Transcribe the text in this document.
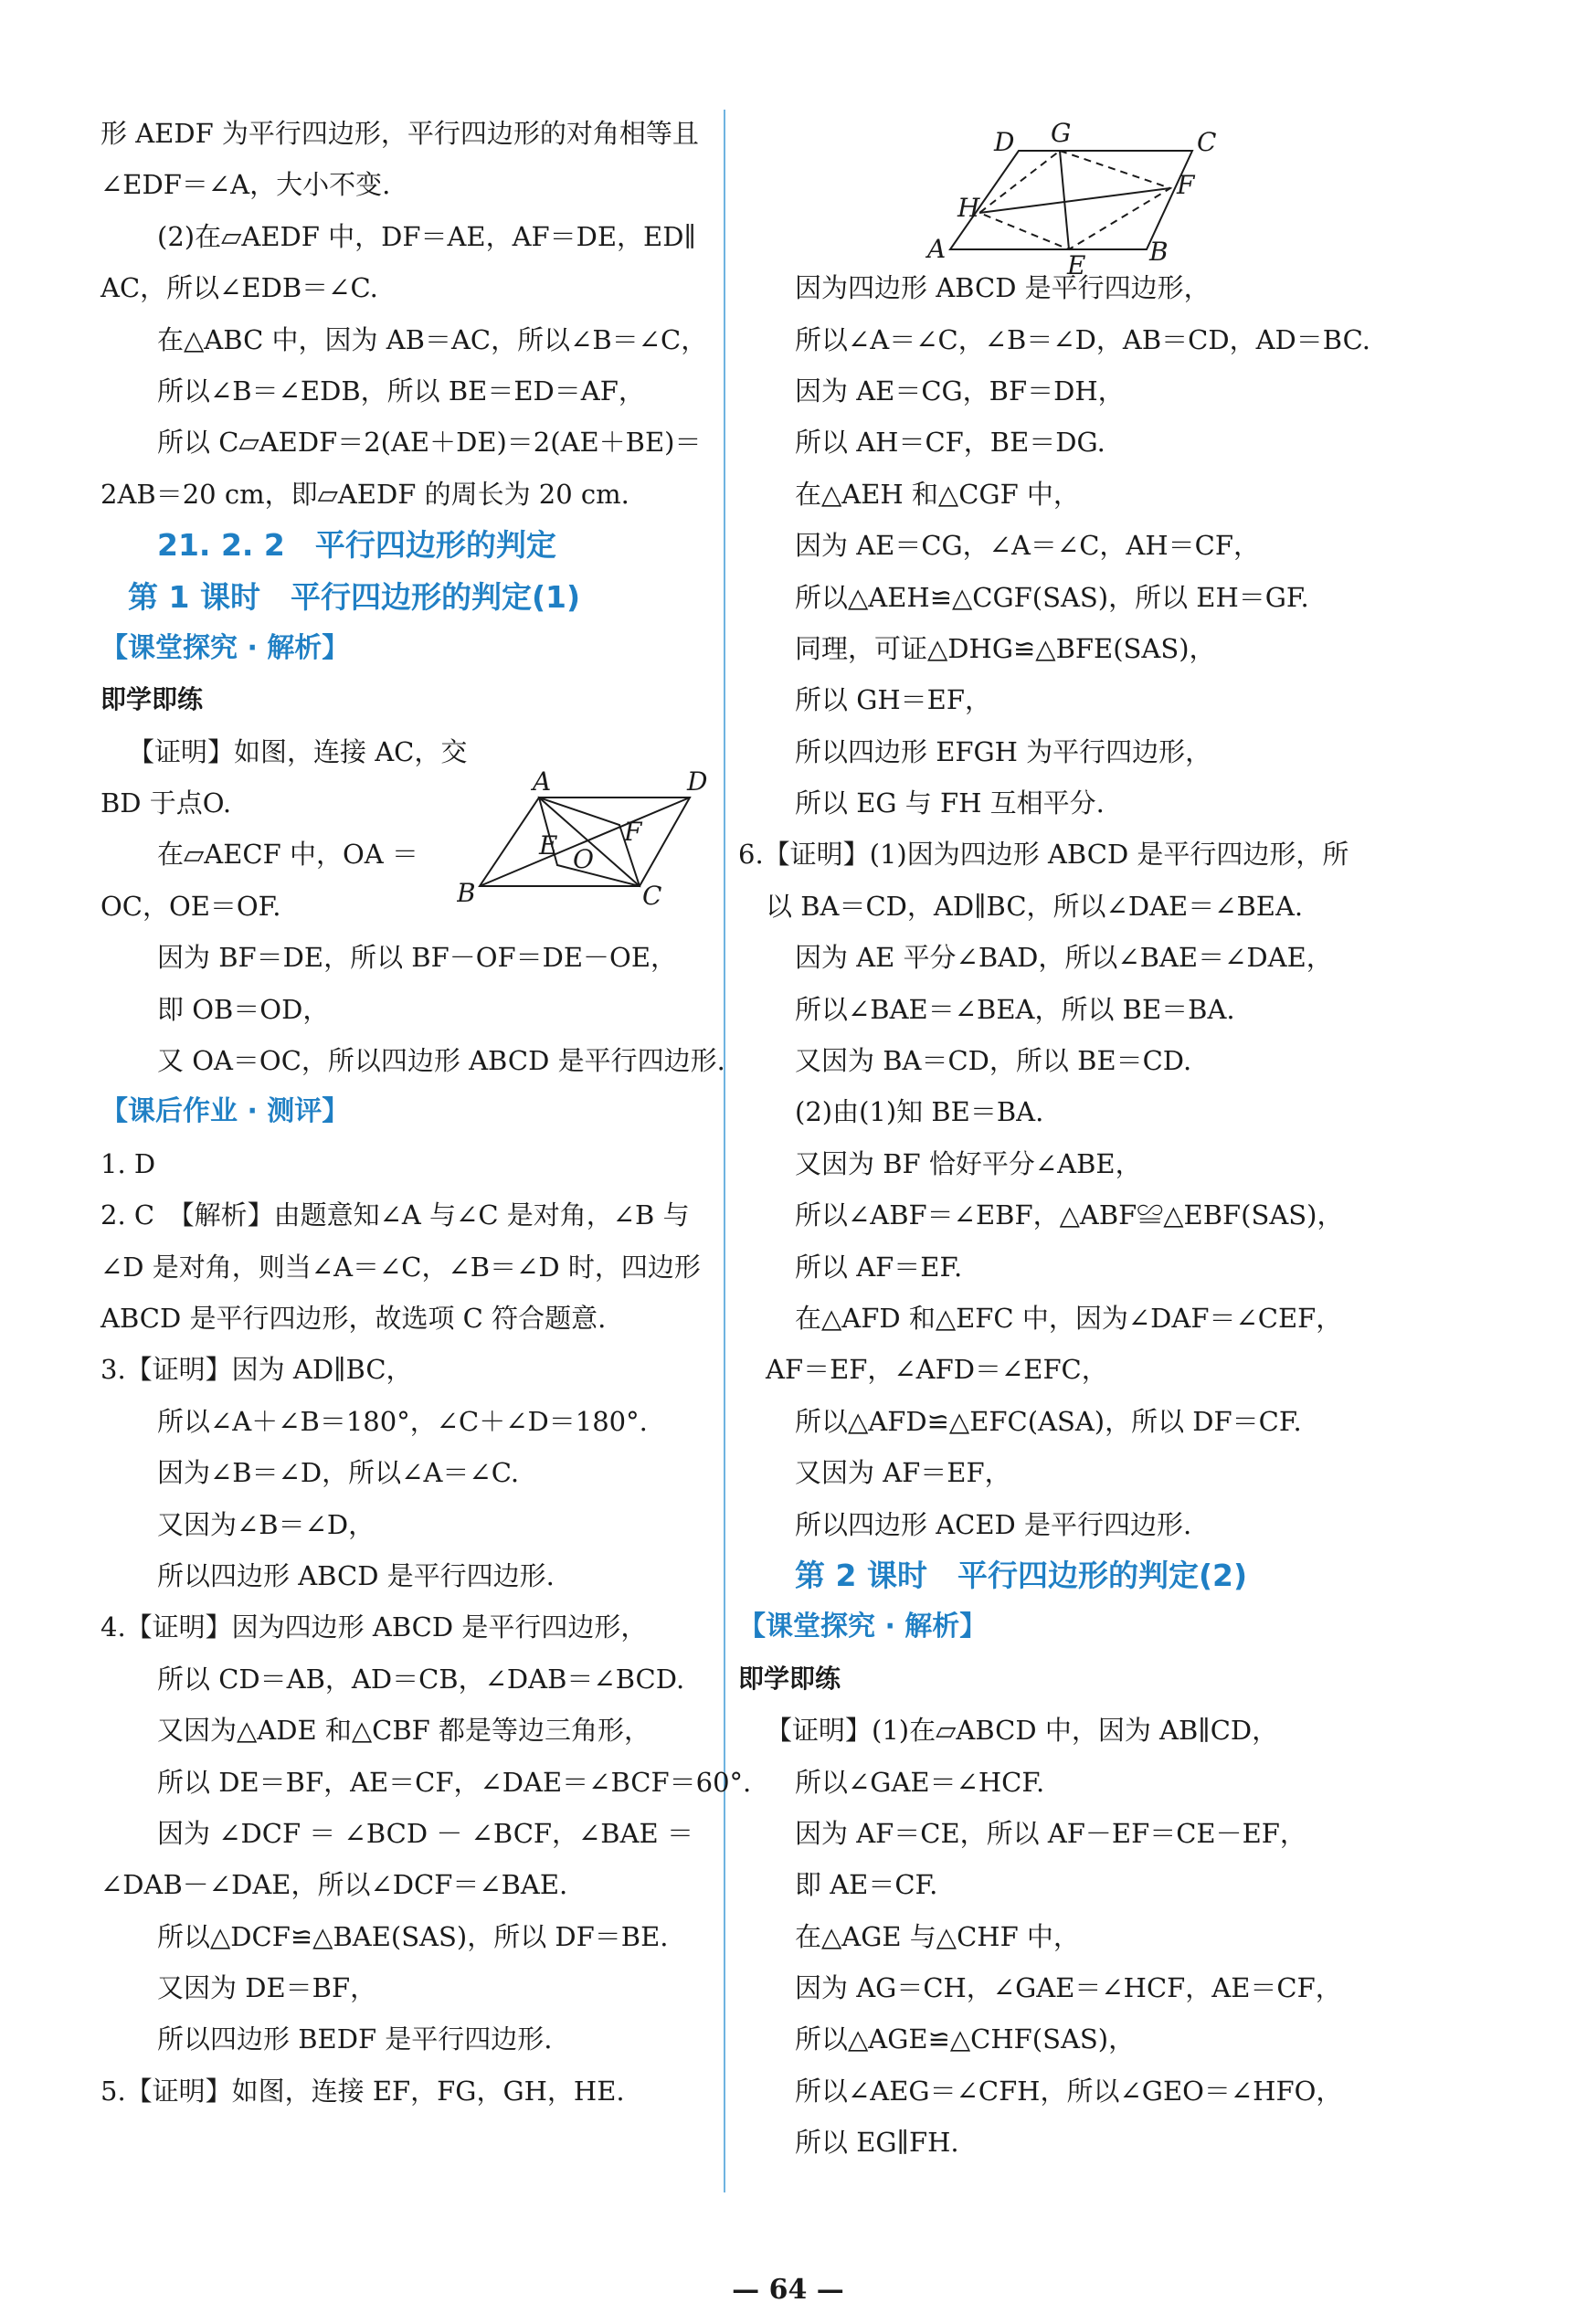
形 AEDF 为平行四边形，平行四边形的对角相等且
∠EDF＝∠A，大小不变.
(2)在▱AEDF 中，DF＝AE，AF＝DE，ED∥
AC，所以∠EDB＝∠C.
在△ABC 中，因为 AB＝AC，所以∠B＝∠C，
所以∠B＝∠EDB，所以 BE＝ED＝AF，
所以 C▱AEDF＝2(AE＋DE)＝2(AE＋BE)＝
2AB＝20 cm，即▱AEDF 的周长为 20 cm.
21. 2. 2　平行四边形的判定
第 1 课时　平行四边形的判定(1)
【课堂探究 · 解析】
即学即练
【证明】如图，连接 AC，交
BD 于点O.
在▱AECF 中，OA ＝
OC，OE＝OF.
因为 BF＝DE，所以 BF－OF＝DE－OE，
即 OB＝OD，
又 OA＝OC，所以四边形 ABCD 是平行四边形.
【课后作业 · 测评】
1. D
2. C　【解析】由题意知∠A 与∠C 是对角，∠B 与
∠D 是对角，则当∠A＝∠C，∠B＝∠D 时，四边形
ABCD 是平行四边形，故选项 C 符合题意.
3.【证明】因为 AD∥BC，
所以∠A＋∠B＝180°，∠C＋∠D＝180°.
因为∠B＝∠D，所以∠A＝∠C.
又因为∠B＝∠D，
所以四边形 ABCD 是平行四边形.
4.【证明】因为四边形 ABCD 是平行四边形，
所以 CD＝AB，AD＝CB，∠DAB＝∠BCD.
又因为△ADE 和△CBF 都是等边三角形，
所以 DE＝BF，AE＝CF，∠DAE＝∠BCF＝60°.
因为 ∠DCF ＝ ∠BCD － ∠BCF，∠BAE ＝
∠DAB－∠DAE，所以∠DCF＝∠BAE.
所以△DCF≌△BAE(SAS)，所以 DF＝BE.
又因为 DE＝BF，
所以四边形 BEDF 是平行四边形.
5.【证明】如图，连接 EF，FG，GH，HE.
因为四边形 ABCD 是平行四边形，
所以∠A＝∠C，∠B＝∠D，AB＝CD，AD＝BC.
因为 AE＝CG，BF＝DH，
所以 AH＝CF，BE＝DG.
在△AEH 和△CGF 中，
因为 AE＝CG，∠A＝∠C，AH＝CF，
所以△AEH≌△CGF(SAS)，所以 EH＝GF.
同理，可证△DHG≌△BFE(SAS)，
所以 GH＝EF，
所以四边形 EFGH 为平行四边形，
所以 EG 与 FH 互相平分.
6.【证明】(1)因为四边形 ABCD 是平行四边形，所
以 BA＝CD，AD∥BC，所以∠DAE＝∠BEA.
因为 AE 平分∠BAD，所以∠BAE＝∠DAE，
所以∠BAE＝∠BEA，所以 BE＝BA.
又因为 BA＝CD，所以 BE＝CD.
(2)由(1)知 BE＝BA.
又因为 BF 恰好平分∠ABE，
所以∠ABF＝∠EBF，△ABF≌△EBF(SAS)，
所以 AF＝EF.
在△AFD 和△EFC 中，因为∠DAF＝∠CEF，
AF＝EF，∠AFD＝∠EFC，
所以△AFD≌△EFC(ASA)，所以 DF＝CF.
又因为 AF＝EF，
所以四边形 ACED 是平行四边形.
第 2 课时　平行四边形的判定(2)
【课堂探究 · 解析】
即学即练
【证明】(1)在▱ABCD 中，因为 AB∥CD，
所以∠GAE＝∠HCF.
因为 AF＝CE，所以 AF－EF＝CE－EF，
即 AE＝CF.
在△AGE 与△CHF 中，
因为 AG＝CH，∠GAE＝∠HCF，AE＝CF，
所以△AGE≌△CHF(SAS)，
所以∠AEG＝∠CFH，所以∠GEO＝∠HFO，
所以 EG∥FH.
A	D
B	C
E O
F
D G	C
F
H
A
E B
— 64 —
